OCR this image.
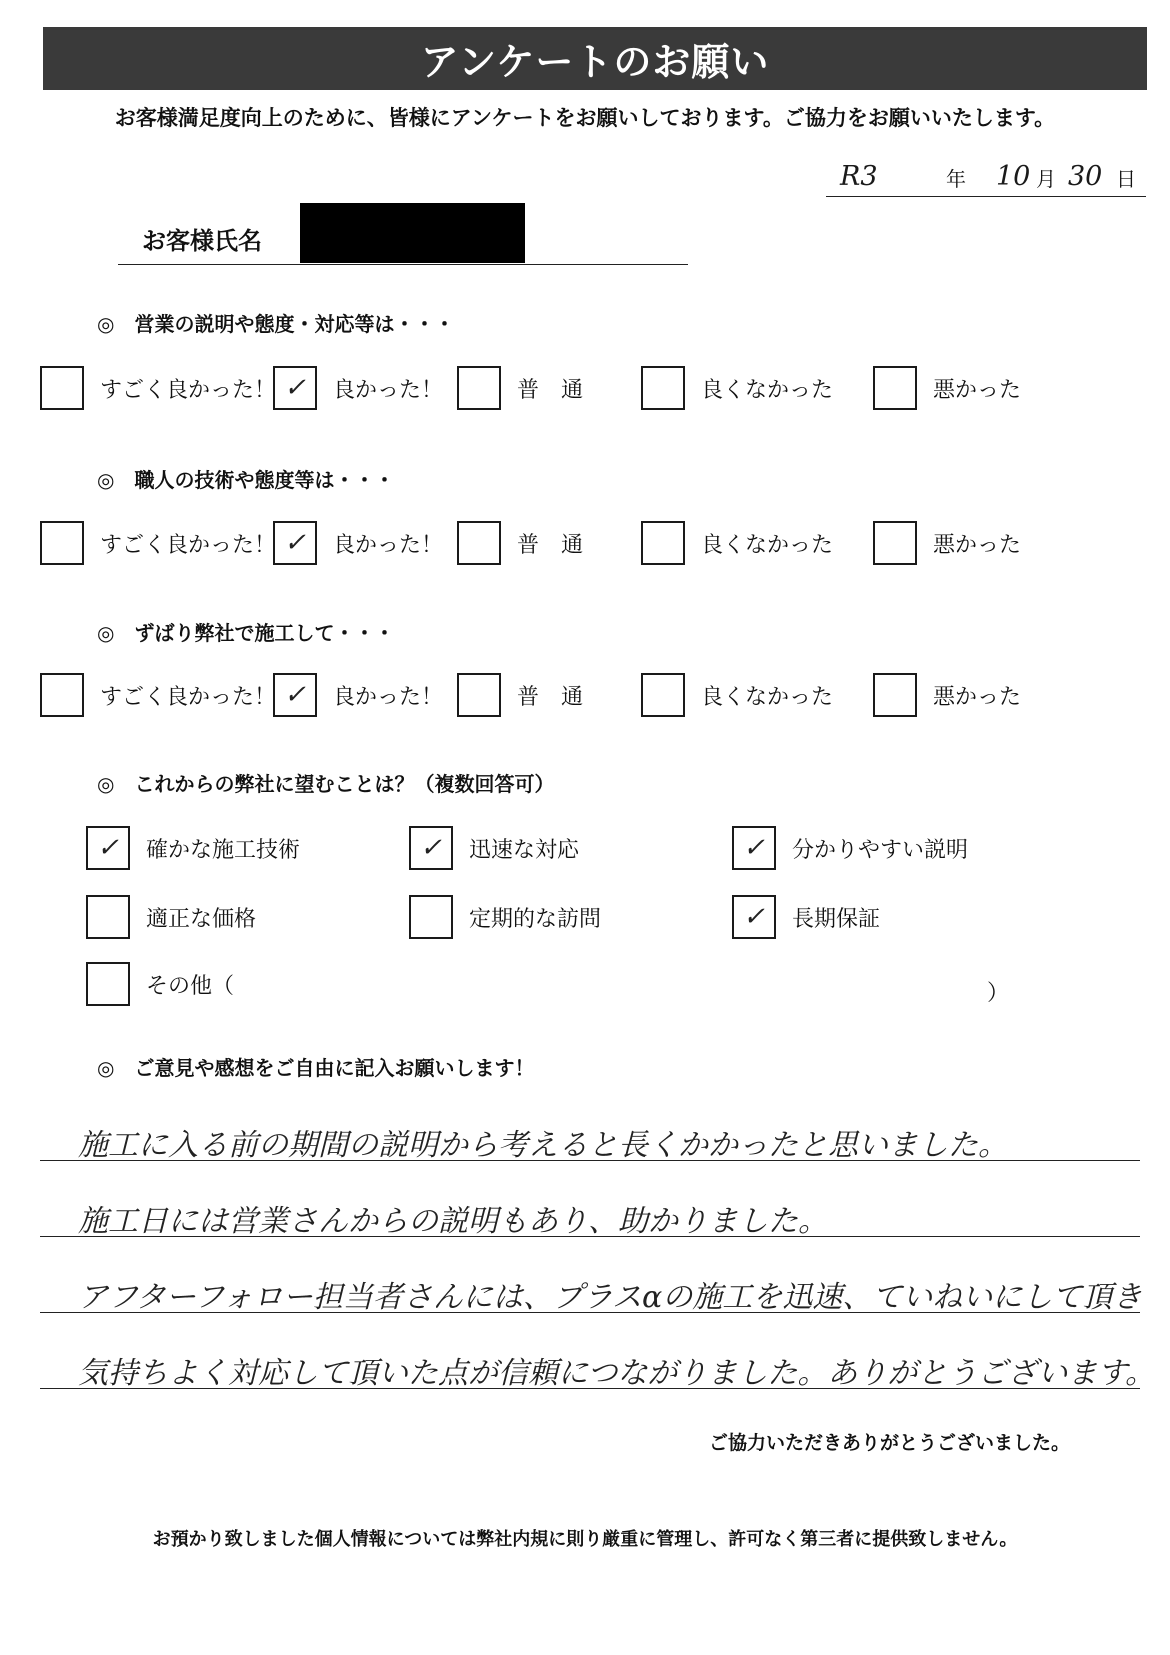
アンケートのお願い
お客様満足度向上のために、皆様にアンケートをお願いしております。ご協力をお願いいたします。
R3	年 10 月 30 日
お客様氏名
◎　営業の説明や態度・対応等は・・・
すごく良かった！ ✓	良かった！	普　通	良くなかった	悪かった
◎　職人の技術や態度等は・・・
すごく良かった！ ✓	良かった！	普　通	良くなかった	悪かった
◎　ずばり弊社で施工して・・・
すごく良かった！ ✓	良かった！	普　通	良くなかった	悪かった
◎　これからの弊社に望むことは？（複数回答可）
✓	確かな施工技術	✓	迅速な対応	✓	分かりやすい説明
適正な価格	定期的な訪問	✓	長期保証
その他（	）
◎　ご意見や感想をご自由に記入お願いします！
施工に入る前の期間の説明から考えると長くかかったと思いました。
施工日には営業さんからの説明もあり、助かりました。
アフターフォロー担当者さんには、プラスαの施工を迅速、ていねいにして頂き
気持ちよく対応して頂いた点が信頼につながりました。ありがとうございます。
ご協力いただきありがとうございました。
お預かり致しました個人情報については弊社内規に則り厳重に管理し、許可なく第三者に提供致しません。
